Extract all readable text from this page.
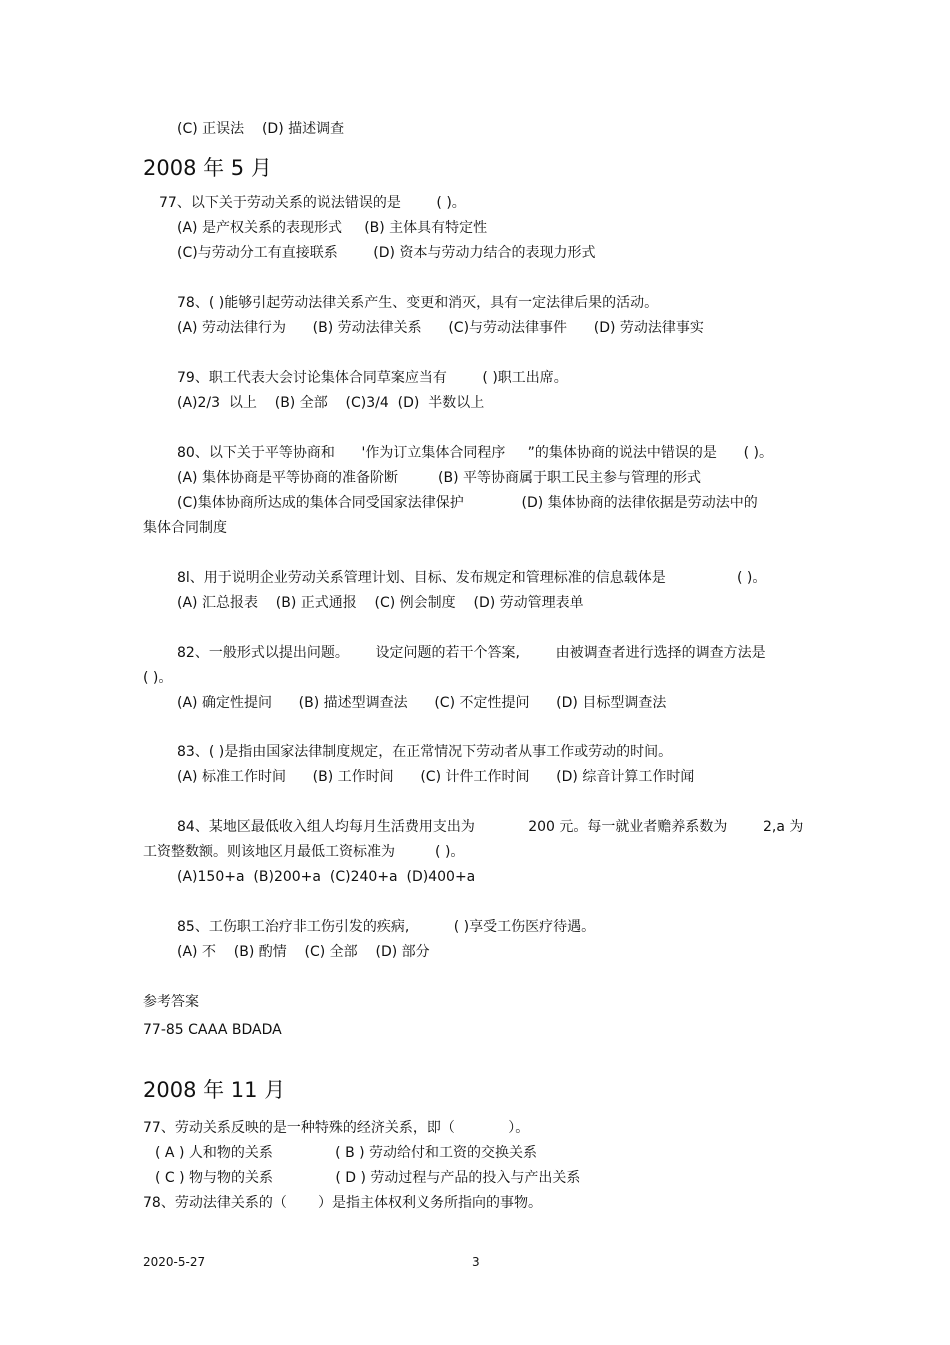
(C) 正误法    (D) 描述调查
2008 年 5 月
77、以下关于劳动关系的说法错误的是        ( )。
(A) 是产权关系的表现形式     (B) 主体具有特定性
(C)与劳动分工有直接联系        (D) 资本与劳动力结合的表现力形式
78、( )能够引起劳动法律关系产生、变更和消灭，具有一定法律后果的活动。
(A) 劳动法律行为      (B) 劳动法律关系      (C)与劳动法律事件      (D) 劳动法律事实
79、职工代表大会讨论集体合同草案应当有        ( )职工出席。
(A)2/3  以上    (B) 全部    (C)3/4  (D)  半数以上
80、以下关于平等协商和      '作为订立集体合同程序     ”的集体协商的说法中错误的是      ( )。
(A) 集体协商是平等协商的准备阶断         (B) 平等协商属于职工民主参与管理的形式
(C)集体协商所达成的集体合同受国家法律保护             (D) 集体协商的法律依据是劳动法中的
集体合同制度
8l、用于说明企业劳动关系管理计划、目标、发布规定和管理标准的信息载体是                ( )。
(A) 汇总报表    (B) 正式通报    (C) 例会制度    (D) 劳动管理表单
82、一般形式以提出问题。      设定问题的若干个答案,        由被调查者进行选择的调查方法是
( )。
(A) 确定性提问      (B) 描述型调查法      (C) 不定性提问      (D) 目标型调查法
83、( )是指由国家法律制度规定，在正常情况下劳动者从事工作或劳动的时间。
(A) 标准工作时间      (B) 工作时间      (C) 计件工作时间      (D) 综音计算工作时闻
84、某地区最低收入组人均每月生活费用支出为            200 元。每一就业者赡养系数为        2,a 为
工资整数额。则该地区月最低工资标准为         ( )。
(A)150+a  (B)200+a  (C)240+a  (D)400+a
85、工伤职工治疗非工伤引发的疾病,          ( )享受工伤医疗待遇。
(A) 不    (B) 酌情    (C) 全部    (D) 部分
参考答案
77-85 CAAA BDADA
2008 年 11 月
77、劳动关系反映的是一种特殊的经济关系，即（            ）。
( A ) 人和物的关系              ( B ) 劳动给付和工资的交换关系
( C ) 物与物的关系              ( D ) 劳动过程与产品的投入与产出关系
78、劳动法律关系的（       ）是指主体权利义务所指向的事物。
2020-5-27	3
